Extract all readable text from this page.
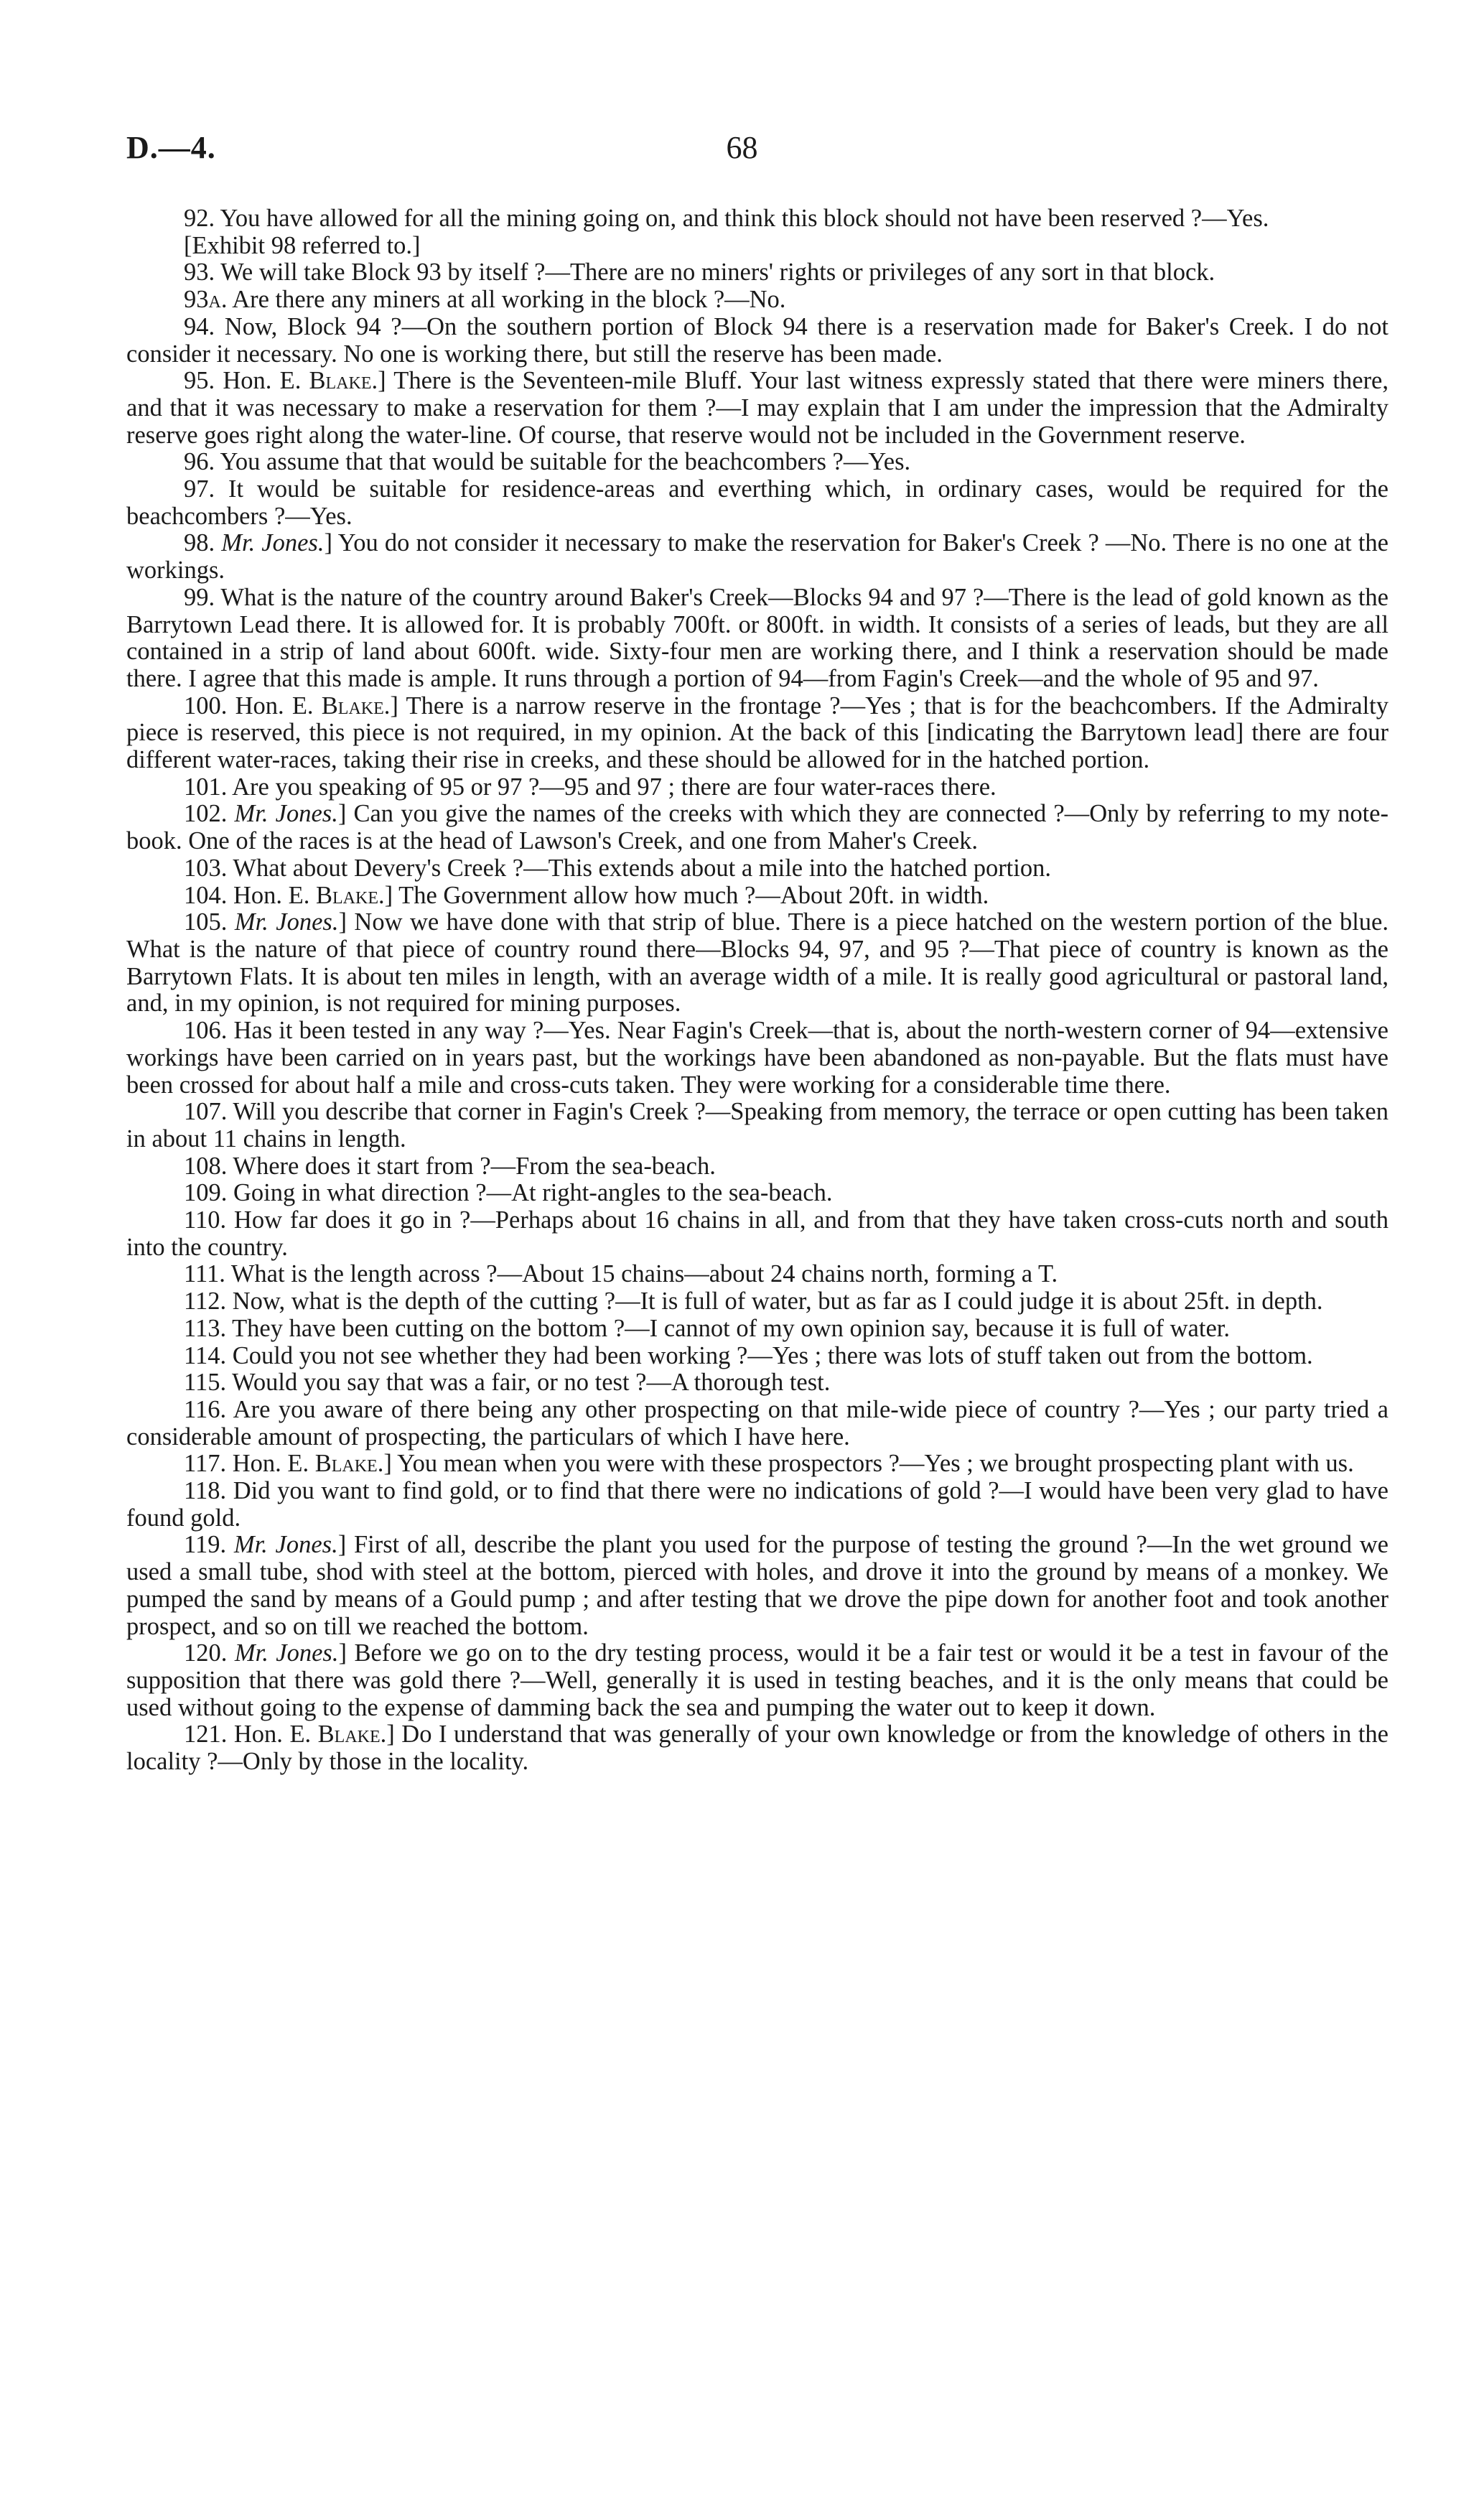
D.—4.	68

92. You have allowed for all the mining going on, and think this block should not have been reserved ?—Yes.

[Exhibit 98 referred to.]

93. We will take Block 93 by itself ?—There are no miners' rights or privileges of any sort in that block.

93a. Are there any miners at all working in the block ?—No.

94. Now, Block 94 ?—On the southern portion of Block 94 there is a reservation made for Baker's Creek. I do not consider it necessary. No one is working there, but still the reserve has been made.

95. Hon. E. Blake.] There is the Seventeen-mile Bluff. Your last witness expressly stated that there were miners there, and that it was necessary to make a reservation for them ?—I may explain that I am under the impression that the Admiralty reserve goes right along the water-line. Of course, that reserve would not be included in the Government reserve.

96. You assume that that would be suitable for the beachcombers ?—Yes.

97. It would be suitable for residence-areas and everthing which, in ordinary cases, would be required for the beachcombers ?—Yes.

98. Mr. Jones.] You do not consider it necessary to make the reservation for Baker's Creek ? —No. There is no one at the workings.

99. What is the nature of the country around Baker's Creek—Blocks 94 and 97 ?—There is the lead of gold known as the Barrytown Lead there. It is allowed for. It is probably 700ft. or 800ft. in width. It consists of a series of leads, but they are all contained in a strip of land about 600ft. wide. Sixty-four men are working there, and I think a reservation should be made there. I agree that this made is ample. It runs through a portion of 94—from Fagin's Creek—and the whole of 95 and 97.

100. Hon. E. Blake.] There is a narrow reserve in the frontage ?—Yes ; that is for the beachcombers. If the Admiralty piece is reserved, this piece is not required, in my opinion. At the back of this [indicating the Barrytown lead] there are four different water-races, taking their rise in creeks, and these should be allowed for in the hatched portion.

101. Are you speaking of 95 or 97 ?—95 and 97 ; there are four water-races there.

102. Mr. Jones.] Can you give the names of the creeks with which they are connected ?—Only by referring to my note-book. One of the races is at the head of Lawson's Creek, and one from Maher's Creek.

103. What about Devery's Creek ?—This extends about a mile into the hatched portion.

104. Hon. E. Blake.] The Government allow how much ?—About 20ft. in width.

105. Mr. Jones.] Now we have done with that strip of blue. There is a piece hatched on the western portion of the blue. What is the nature of that piece of country round there—Blocks 94, 97, and 95 ?—That piece of country is known as the Barrytown Flats. It is about ten miles in length, with an average width of a mile. It is really good agricultural or pastoral land, and, in my opinion, is not required for mining purposes.

106. Has it been tested in any way ?—Yes. Near Fagin's Creek—that is, about the north-western corner of 94—extensive workings have been carried on in years past, but the workings have been abandoned as non-payable. But the flats must have been crossed for about half a mile and cross-cuts taken. They were working for a considerable time there.

107. Will you describe that corner in Fagin's Creek ?—Speaking from memory, the terrace or open cutting has been taken in about 11 chains in length.

108. Where does it start from ?—From the sea-beach.

109. Going in what direction ?—At right-angles to the sea-beach.

110. How far does it go in ?—Perhaps about 16 chains in all, and from that they have taken cross-cuts north and south into the country.

111. What is the length across ?—About 15 chains—about 24 chains north, forming a T.

112. Now, what is the depth of the cutting ?—It is full of water, but as far as I could judge it is about 25ft. in depth.

113. They have been cutting on the bottom ?—I cannot of my own opinion say, because it is full of water.

114. Could you not see whether they had been working ?—Yes ; there was lots of stuff taken out from the bottom.

115. Would you say that was a fair, or no test ?—A thorough test.

116. Are you aware of there being any other prospecting on that mile-wide piece of country ?—Yes ; our party tried a considerable amount of prospecting, the particulars of which I have here.

117. Hon. E. Blake.] You mean when you were with these prospectors ?—Yes ; we brought prospecting plant with us.

118. Did you want to find gold, or to find that there were no indications of gold ?—I would have been very glad to have found gold.

119. Mr. Jones.] First of all, describe the plant you used for the purpose of testing the ground ?—In the wet ground we used a small tube, shod with steel at the bottom, pierced with holes, and drove it into the ground by means of a monkey. We pumped the sand by means of a Gould pump ; and after testing that we drove the pipe down for another foot and took another prospect, and so on till we reached the bottom.

120. Mr. Jones.] Before we go on to the dry testing process, would it be a fair test or would it be a test in favour of the supposition that there was gold there ?—Well, generally it is used in testing beaches, and it is the only means that could be used without going to the expense of damming back the sea and pumping the water out to keep it down.

121. Hon. E. Blake.] Do I understand that was generally of your own knowledge or from the knowledge of others in the locality ?—Only by those in the locality.
